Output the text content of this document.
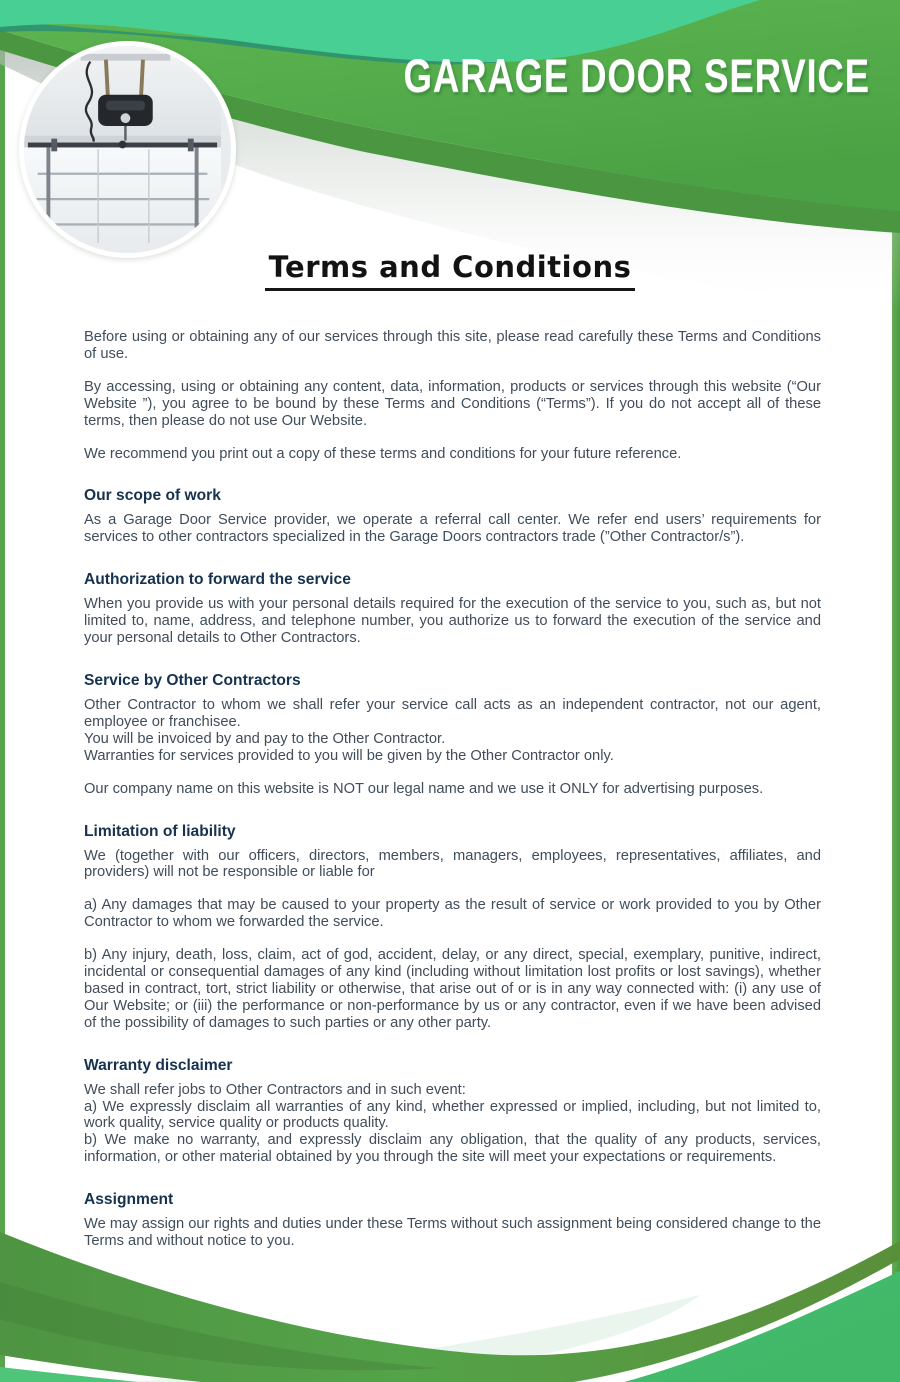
GARAGE DOOR SERVICE
Terms and Conditions

Before using or obtaining any of our services through this site, please read carefully these Terms and Conditions of use.

By accessing, using or obtaining any content, data, information, products or services through this website (“Our Website ”), you agree to be bound by these Terms and Conditions (“Terms”). If you do not accept all of these terms, then please do not use Our Website.

We recommend you print out a copy of these terms and conditions for your future reference.

Our scope of work

As a Garage Door Service provider, we operate a referral call center. We refer end users’ requirements for services to other contractors specialized in the Garage Doors contractors trade (”Other Contractor/s”).

Authorization to forward the service

When you provide us with your personal details required for the execution of the service to you, such as, but not limited to, name, address, and telephone number, you authorize us to forward the execution of the service and your personal details to Other Contractors.

Service by Other Contractors

Other Contractor to whom we shall refer your service call acts as an independent contractor, not our agent, employee or franchisee.

You will be invoiced by and pay to the Other Contractor.

Warranties for services provided to you will be given by the Other Contractor only.

Our company name on this website is NOT our legal name and we use it ONLY for advertising purposes.

Limitation of liability

We (together with our officers, directors, members, managers, employees, representatives, affiliates, and providers) will not be responsible or liable for

a) Any damages that may be caused to your property as the result of service or work provided to you by Other Contractor to whom we forwarded the service.

b) Any injury, death, loss, claim, act of god, accident, delay, or any direct, special, exemplary, punitive, indirect, incidental or consequential damages of any kind (including without limitation lost profits or lost savings), whether based in contract, tort, strict liability or otherwise, that arise out of or is in any way connected with: (i) any use of Our Website; or (iii) the performance or non-performance by us or any contractor, even if we have been advised of the possibility of damages to such parties or any other party.

Warranty disclaimer

We shall refer jobs to Other Contractors and in such event:

a) We expressly disclaim all warranties of any kind, whether expressed or implied, including, but not limited to, work quality, service quality or products quality.

b) We make no warranty, and expressly disclaim any obligation, that the quality of any products, services, information, or other material obtained by you through the site will meet your expectations or requirements.

Assignment

We may assign our rights and duties under these Terms without such assignment being considered change to the Terms and without notice to you.
